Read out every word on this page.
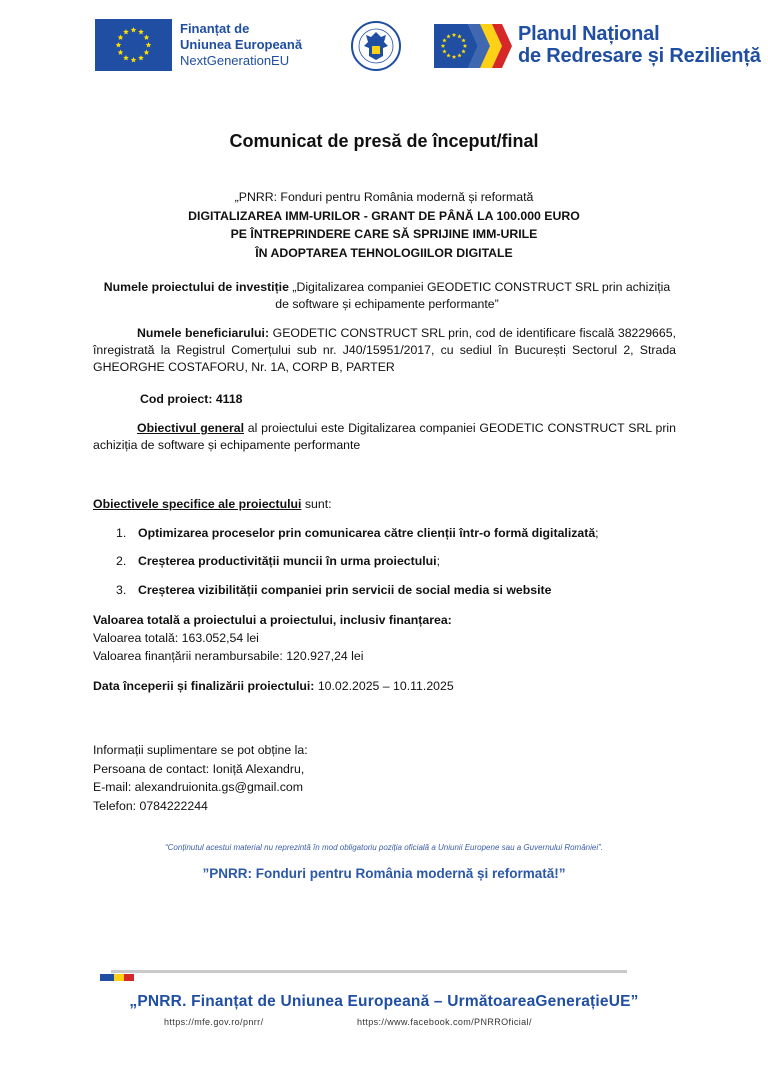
Finanțat de
Uniunea Europeană
NextGenerationEU
Planul Național
de Redresare și Reziliență
Comunicat de presă de început/final
„PNRR: Fonduri pentru România modernă și reformată
DIGITALIZAREA IMM-URILOR - GRANT DE PÂNĂ LA 100.000 EURO
PE ÎNTREPRINDERE CARE SĂ SPRIJINE IMM-URILE
ÎN ADOPTAREA TEHNOLOGIILOR DIGITALE
Numele proiectului de investiție „Digitalizarea companiei GEODETIC CONSTRUCT SRL prin achiziția
de software și echipamente performante”

Numele beneficiarului: GEODETIC CONSTRUCT SRL prin, cod de identificare fiscală 38229665, înregistrată la Registrul Comerțului sub nr. J40/15951/2017, cu sediul în București Sectorul 2, Strada GHEORGHE COSTAFORU, Nr. 1A, CORP B, PARTER

Cod proiect: 4118

Obiectivul general al proiectului este Digitalizarea companiei GEODETIC CONSTRUCT SRL prin achiziția de software și echipamente performante

Obiectivele specifice ale proiectului sunt:
1. Optimizarea proceselor prin comunicarea către clienții într-o formă digitalizată;
2. Creșterea productivității muncii în urma proiectului;
3. Creșterea vizibilității companiei prin servicii de social media si website
Valoarea totală a proiectului a proiectului, inclusiv finanțarea:
Valoarea totală: 163.052,54 lei
Valoarea finanțării nerambursabile: 120.927,24 lei
Data începerii și finalizării proiectului: 10.02.2025 – 10.11.2025
Informații suplimentare se pot obține la:
Persoana de contact: Ioniță Alexandru,
E-mail: alexandruionita.gs@gmail.com
Telefon: 0784222244
“Conținutul acestui material nu reprezintă în mod obligatoriu poziția oficială a Uniunii Europene sau a Guvernului României”.
”PNRR: Fonduri pentru România modernă și reformată!”
„PNRR. Finanțat de Uniunea Europeană – UrmătoareaGenerațieUE”
https://mfe.gov.ro/pnrr/	https://www.facebook.com/PNRROficial/
